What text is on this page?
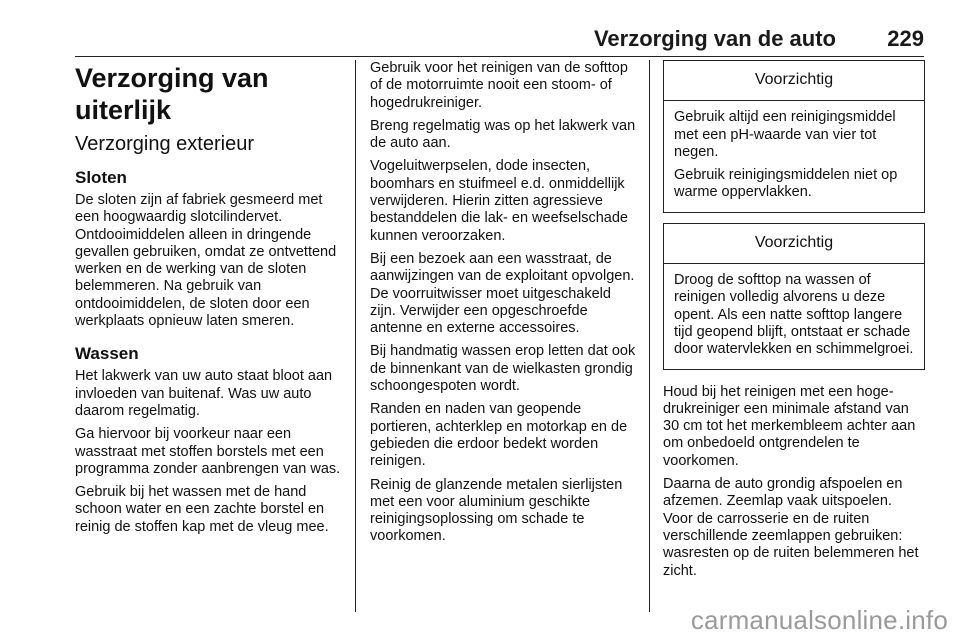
Verzorging van de auto 229
Verzorging van uiterlijk
Verzorging exterieur
Sloten

De sloten zijn af fabriek gesmeerd met een hoogwaardig slotcilindervet. Ontdooimiddelen alleen in dringende gevallen gebruiken, omdat ze ontvettend werken en de werking van de sloten belemmeren. Na gebruik van ontdooimiddelen, de sloten door een werkplaats opnieuw laten smeren.

Wassen

Het lakwerk van uw auto staat bloot aan invloeden van buitenaf. Was uw auto daarom regelmatig.

Ga hiervoor bij voorkeur naar een wasstraat met stoffen borstels met een programma zonder aanbrengen van was.

Gebruik bij het wassen met de hand schoon water en een zachte borstel en reinig de stoffen kap met de vleug mee.

Gebruik voor het reinigen van de softtop of de motorruimte nooit een stoom- of hogedrukreiniger.

Breng regelmatig was op het lakwerk van de auto aan.

Vogeluitwerpselen, dode insecten, boomhars en stuifmeel e.d. onmiddellijk verwijderen. Hierin zitten agressieve bestanddelen die lak- en weefselschade kunnen veroorzaken.

Bij een bezoek aan een wasstraat, de aanwijzingen van de exploitant opvolgen. De voorruitwisser moet uitgeschakeld zijn. Verwijder een opgeschroefde antenne en externe accessoires.

Bij handmatig wassen erop letten dat ook de binnenkant van de wielkasten grondig schoongespoten wordt.

Randen en naden van geopende portieren, achterklep en motorkap en de gebieden die erdoor bedekt worden reinigen.

Reinig de glanzende metalen sierlijsten met een voor aluminium geschikte reinigingsoplossing om schade te voorkomen.

Voorzichtig

Gebruik altijd een reinigingsmiddel met een pH-waarde van vier tot negen.

Gebruik reinigingsmiddelen niet op warme oppervlakken.

Voorzichtig

Droog de softtop na wassen of reinigen volledig alvorens u deze opent. Als een natte softtop langere tijd geopend blijft, ontstaat er schade door watervlekken en schimmelgroei.

Houd bij het reinigen met een hogedrukreiniger een minimale afstand van 30 cm tot het merkembleem achter aan om onbedoeld ontgrendelen te voorkomen.

Daarna de auto grondig afspoelen en afzemen. Zeemlap vaak uitspoelen. Voor de carrosserie en de ruiten verschillende zeemlappen gebruiken: wasresten op de ruiten belemmeren het zicht.

carmanualsonline.info
